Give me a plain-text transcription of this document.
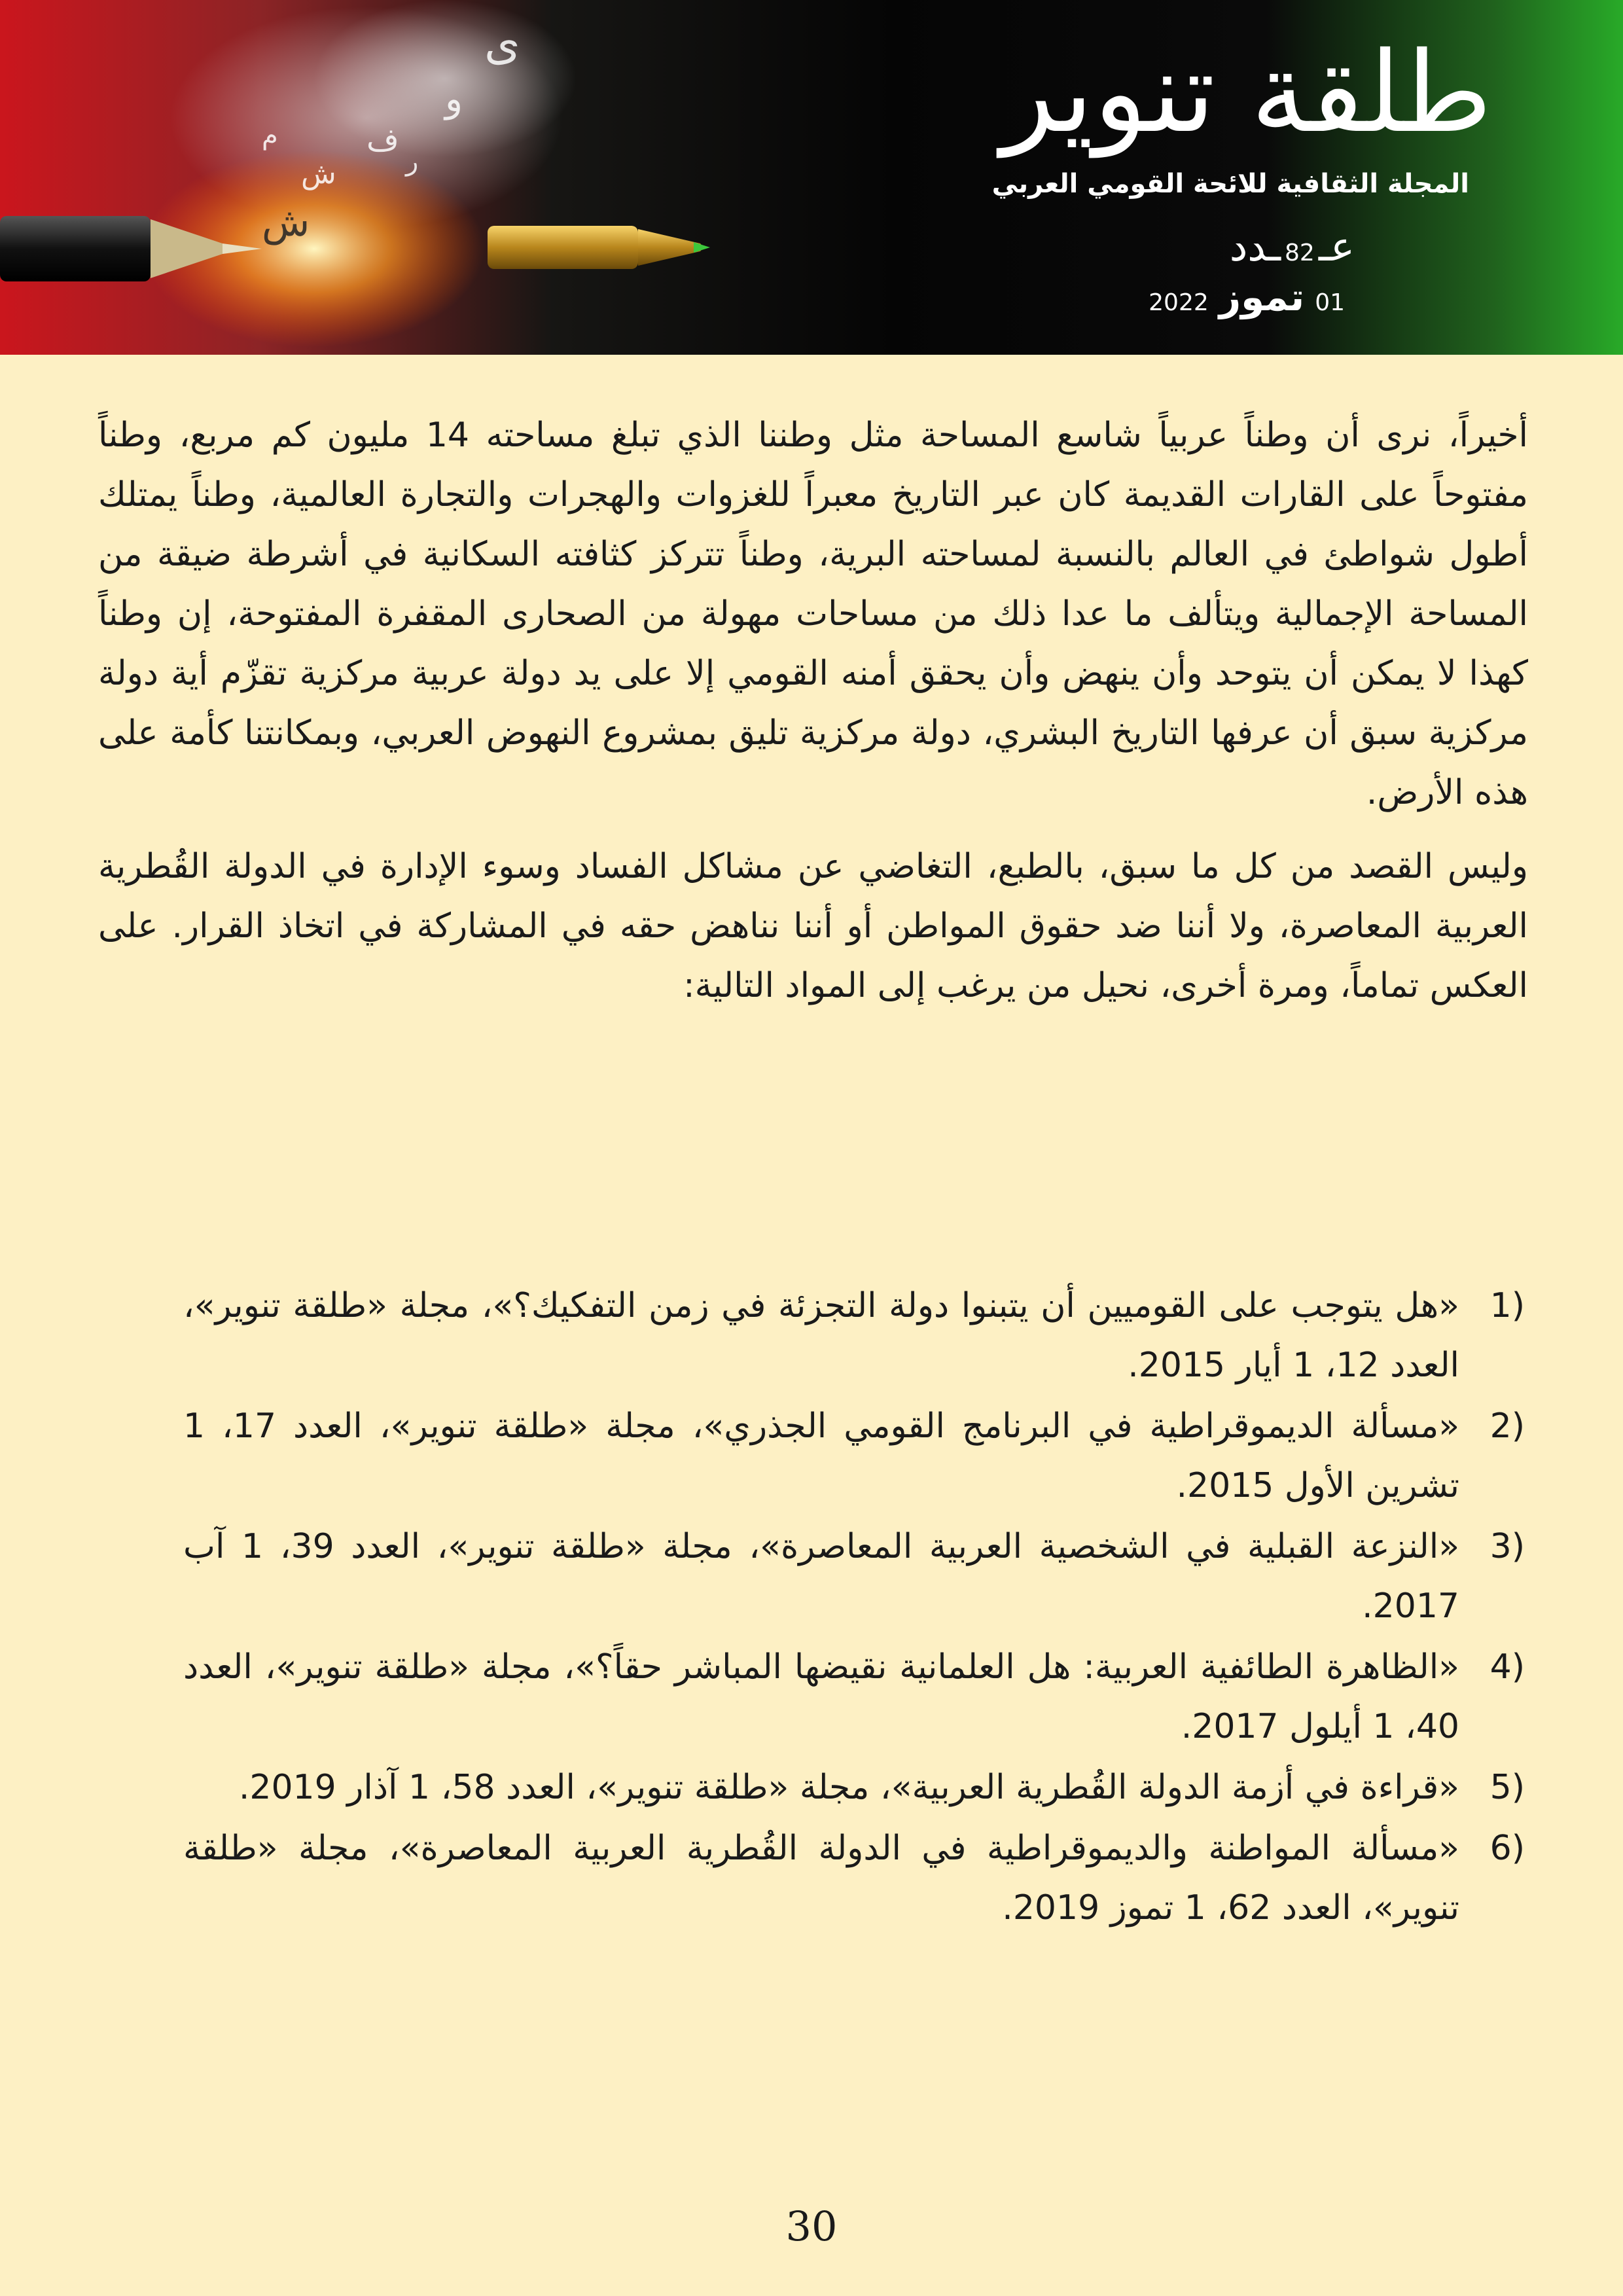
ى
و
ف
ش	ر
م
ش
طلقة تنوير

المجلة الثقافية للائحة القومي العربي

عـ
82
ـدد
01
تموز
2022

أخيراً، نرى أن وطناً عربياً شاسع المساحة مثل وطننا الذي تبلغ مساحته 14 مليون كم مربع، وطناً مفتوحاً على القارات القديمة كان عبر التاريخ معبراً للغزوات والهجرات والتجارة العالمية، وطناً يمتلك أطول شواطئ في العالم بالنسبة لمساحته البرية، وطناً تتركز كثافته السكانية في أشرطة ضيقة من المساحة الإجمالية ويتألف ما عدا ذلك من مساحات مهولة من الصحارى المقفرة المفتوحة، إن وطناً كهذا لا يمكن أن يتوحد وأن ينهض وأن يحقق أمنه القومي إلا على يد دولة عربية مركزية تقزّم أية دولة مركزية سبق أن عرفها التاريخ البشري، دولة مركزية تليق بمشروع النهوض العربي، وبمكانتنا كأمة على هذه الأرض.

وليس القصد من كل ما سبق، بالطبع، التغاضي عن مشاكل الفساد وسوء الإدارة في الدولة القُطرية العربية المعاصرة، ولا أننا ضد حقوق المواطن أو أننا نناهض حقه في المشاركة في اتخاذ القرار. على العكس تماماً، ومرة أخرى، نحيل من يرغب إلى المواد التالية:

1)
«هل يتوجب على القوميين أن يتبنوا دولة التجزئة في زمن التفكيك؟»، مجلة «طلقة تنوير»، العدد 12، 1 أيار 2015.
2)
«مسألة الديموقراطية في البرنامج القومي الجذري»، مجلة «طلقة تنوير»، العدد 17، 1 تشرين الأول 2015.
3)
«النزعة القبلية في الشخصية العربية المعاصرة»، مجلة «طلقة تنوير»، العدد 39، 1 آب 2017.
4)
«الظاهرة الطائفية العربية: هل العلمانية نقيضها المباشر حقاً؟»، مجلة «طلقة تنوير»، العدد 40، 1 أيلول 2017.
5)
«قراءة في أزمة الدولة القُطرية العربية»، مجلة «طلقة تنوير»، العدد 58، 1 آذار 2019.
6)
«مسألة المواطنة والديموقراطية في الدولة القُطرية العربية المعاصرة»، مجلة «طلقة تنوير»، العدد 62، 1 تموز 2019.
30
